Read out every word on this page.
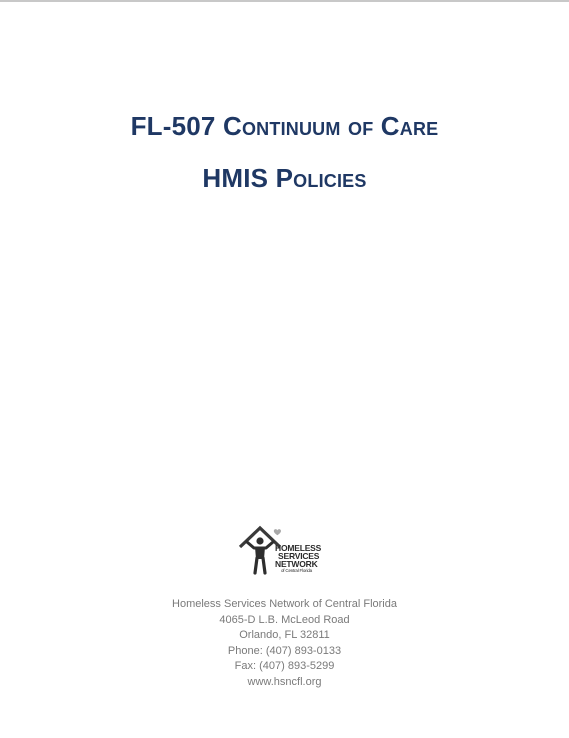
FL-507 Continuum of Care
HMIS Policies
HOMELESS
SERVICES
NETWORK
of Central Florida
Homeless Services Network of Central Florida
4065-D L.B. McLeod Road
Orlando, FL 32811
Phone: (407) 893-0133
Fax: (407) 893-5299
www.hsncfl.org
